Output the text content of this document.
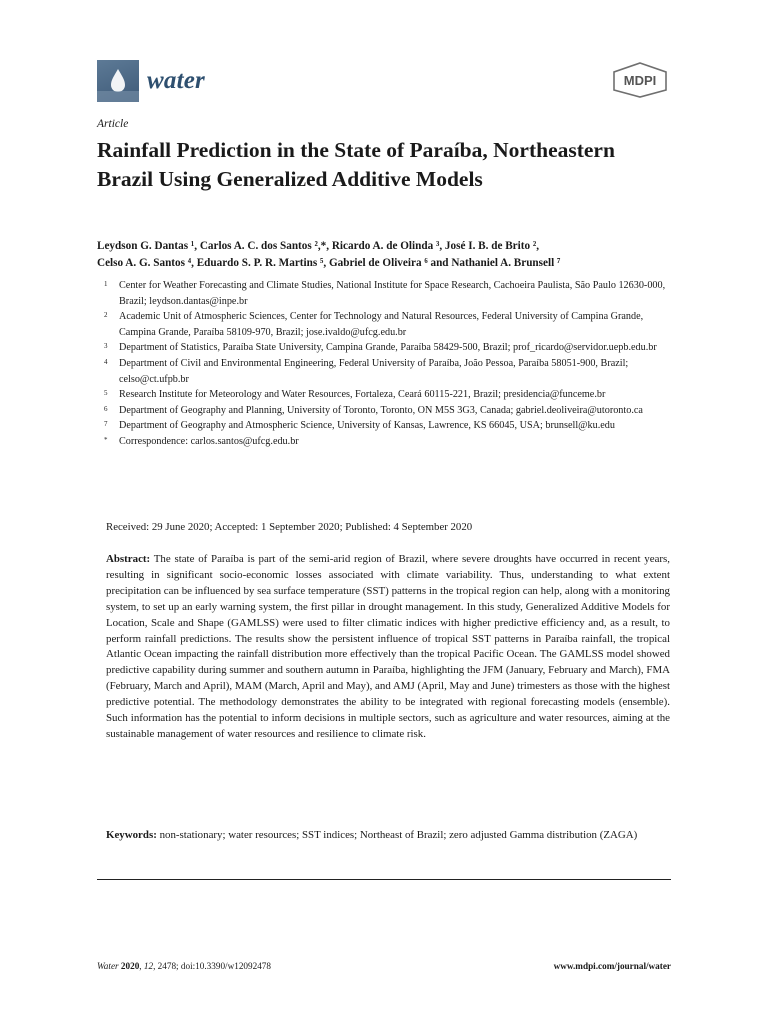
water	MDPI
Article
Rainfall Prediction in the State of Paraíba, Northeastern Brazil Using Generalized Additive Models
Leydson G. Dantas ¹, Carlos A. C. dos Santos ²,*, Ricardo A. de Olinda ³, José I. B. de Brito ²,
Celso A. G. Santos ⁴, Eduardo S. P. R. Martins ⁵, Gabriel de Oliveira ⁶ and Nathaniel A. Brunsell ⁷
1 Center for Weather Forecasting and Climate Studies, National Institute for Space Research, Cachoeira Paulista, São Paulo 12630-000, Brazil; leydson.dantas@inpe.br
2 Academic Unit of Atmospheric Sciences, Center for Technology and Natural Resources, Federal University of Campina Grande, Campina Grande, Paraíba 58109-970, Brazil; jose.ivaldo@ufcg.edu.br
3 Department of Statistics, Paraíba State University, Campina Grande, Paraíba 58429-500, Brazil; prof_ricardo@servidor.uepb.edu.br
4 Department of Civil and Environmental Engineering, Federal University of Paraíba, João Pessoa, Paraíba 58051-900, Brazil; celso@ct.ufpb.br
5 Research Institute for Meteorology and Water Resources, Fortaleza, Ceará 60115-221, Brazil; presidencia@funceme.br
6 Department of Geography and Planning, University of Toronto, Toronto, ON M5S 3G3, Canada; gabriel.deoliveira@utoronto.ca
7 Department of Geography and Atmospheric Science, University of Kansas, Lawrence, KS 66045, USA; brunsell@ku.edu
* Correspondence: carlos.santos@ufcg.edu.br
Received: 29 June 2020; Accepted: 1 September 2020; Published: 4 September 2020

Abstract: The state of Paraíba is part of the semi-arid region of Brazil, where severe droughts have occurred in recent years, resulting in significant socio-economic losses associated with climate variability. Thus, understanding to what extent precipitation can be influenced by sea surface temperature (SST) patterns in the tropical region can help, along with a monitoring system, to set up an early warning system, the first pillar in drought management. In this study, Generalized Additive Models for Location, Scale and Shape (GAMLSS) were used to filter climatic indices with higher predictive efficiency and, as a result, to perform rainfall predictions. The results show the persistent influence of tropical SST patterns in Paraíba rainfall, the tropical Atlantic Ocean impacting the rainfall distribution more effectively than the tropical Pacific Ocean. The GAMLSS model showed predictive capability during summer and southern autumn in Paraíba, highlighting the JFM (January, February and March), FMA (February, March and April), MAM (March, April and May), and AMJ (April, May and June) trimesters as those with the highest predictive potential. The methodology demonstrates the ability to be integrated with regional forecasting models (ensemble). Such information has the potential to inform decisions in multiple sectors, such as agriculture and water resources, aiming at the sustainable management of water resources and resilience to climate risk.

Keywords: non-stationary; water resources; SST indices; Northeast of Brazil; zero adjusted Gamma distribution (ZAGA)

Water 2020, 12, 2478; doi:10.3390/w12092478	www.mdpi.com/journal/water
